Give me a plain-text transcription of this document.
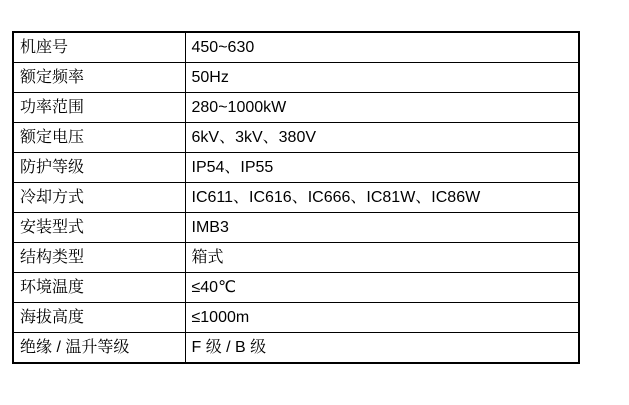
机座号	450~630
额定频率	50Hz
功率范围	280~1000kW
额定电压	6kV、3kV、380V
防护等级	IP54、IP55
冷却方式	IC611、IC616、IC666、IC81W、IC86W
安装型式	IMB3
结构类型	箱式
环境温度	≤40℃
海拔高度	≤1000m
绝缘 / 温升等级	F 级 / B 级
